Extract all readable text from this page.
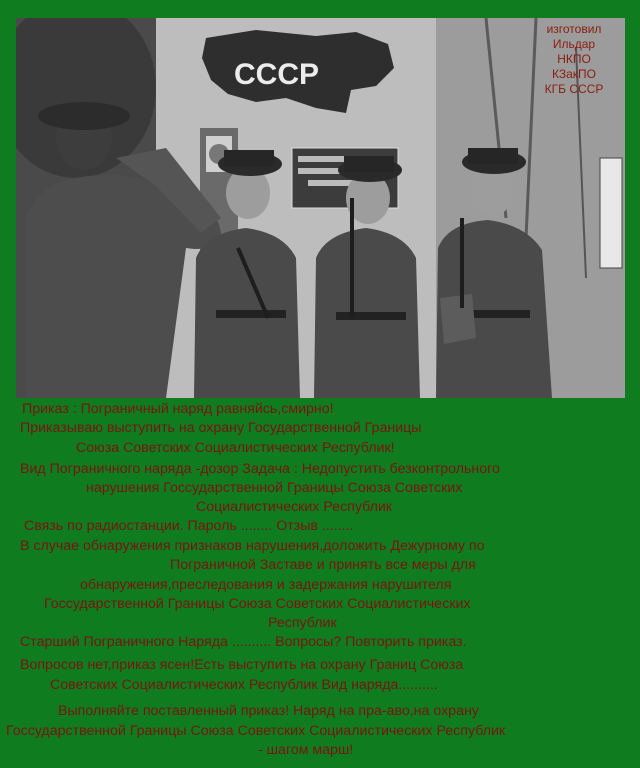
СССР
изготовил
Ильдар
НКПО
КЗакПО
КГБ СССР
Приказ : Пограничный наряд равняйсь,смирно!
Приказываю выступить на охрану Государственной Границы
Союза Советских Социалистических Республик!
Вид Пограничного наряда -дозор Задача : Недопустить безконтрольного
нарушения Госсударственной Границы Союза Советских
Социалистических Республик
Связь по радиостанции. Пароль ........ Отзыв ........
В случае обнаружения признаков нарушения,доложить Дежурному по
Пограничной Заставе и принять все меры для
обнаружения,преследования и задержания нарушителя
Госсударственной Границы Союза Советских Социалистических
Республик
Старший Пограничного Наряда .......... Вопросы? Повторить приказ.
Вопросов нет,приказ ясен!Есть выступить на охрану Границ Союза
Советских Социалистических Республик Вид наряда..........
Выполняйте поставленный приказ! Наряд на пра-аво,на охрану
Госсударственной Границы Союза Советских Социалистических Республик
- шагом марш!
